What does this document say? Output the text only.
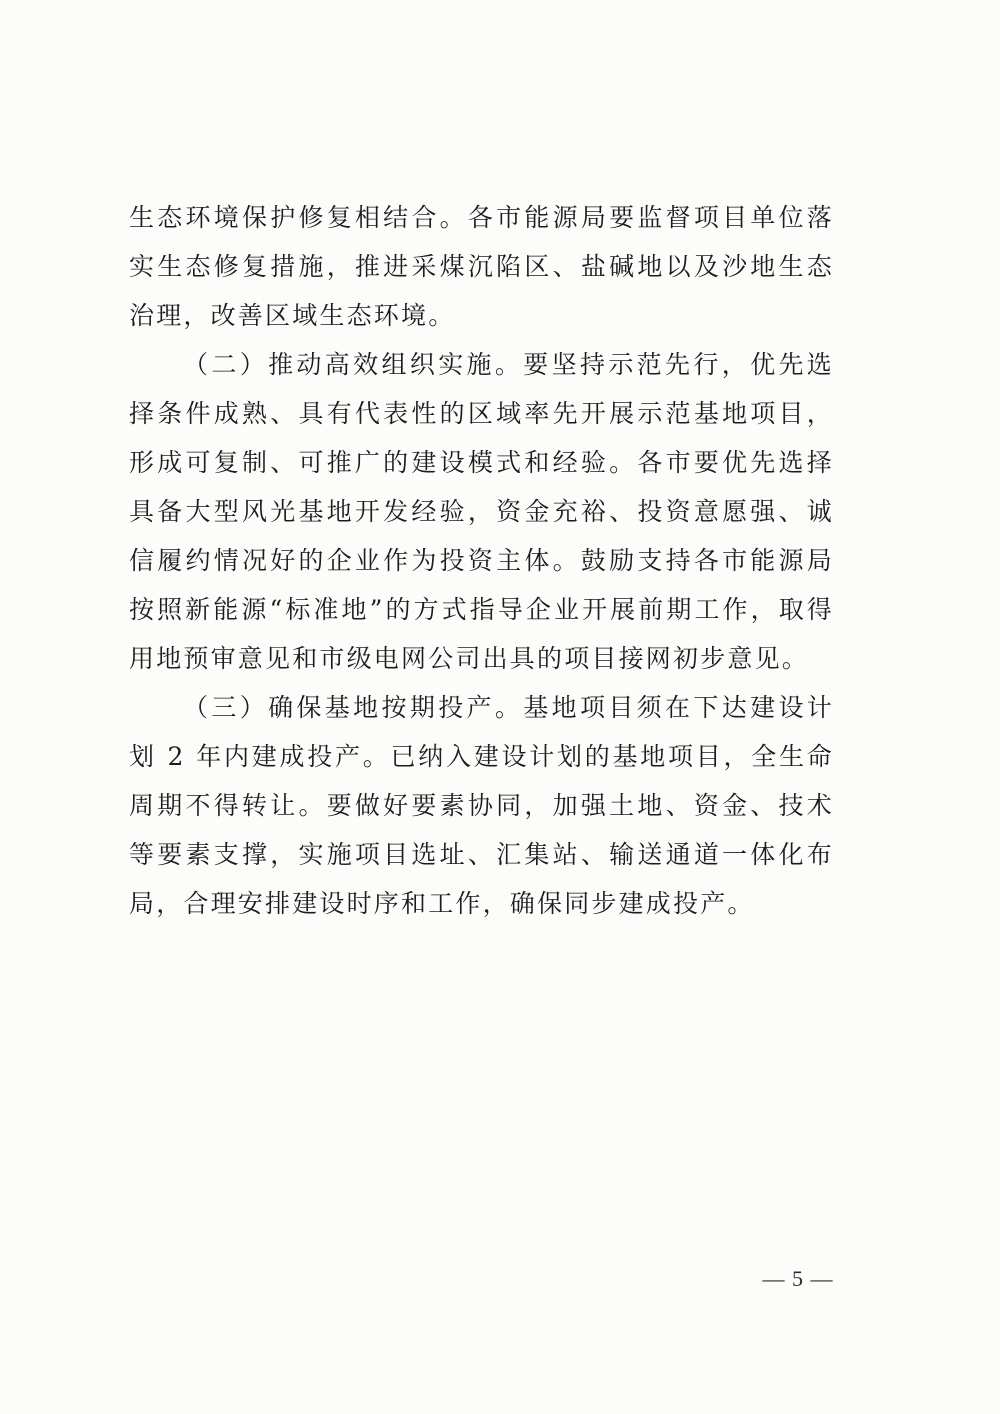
生态环境保护修复相结合。各市能源局要监督项目单位落实生态修复措施，推进采煤沉陷区、盐碱地以及沙地生态治理，改善区域生态环境。

（二）推动高效组织实施。要坚持示范先行，优先选择条件成熟、具有代表性的区域率先开展示范基地项目，形成可复制、可推广的建设模式和经验。各市要优先选择具备大型风光基地开发经验，资金充裕、投资意愿强、诚信履约情况好的企业作为投资主体。鼓励支持各市能源局按照新能源“标准地”的方式指导企业开展前期工作，取得用地预审意见和市级电网公司出具的项目接网初步意见。

（三）确保基地按期投产。基地项目须在下达建设计划 2 年内建成投产。已纳入建设计划的基地项目，全生命周期不得转让。要做好要素协同，加强土地、资金、技术等要素支撑，实施项目选址、汇集站、输送通道一体化布局，合理安排建设时序和工作，确保同步建成投产。

— 5 —
